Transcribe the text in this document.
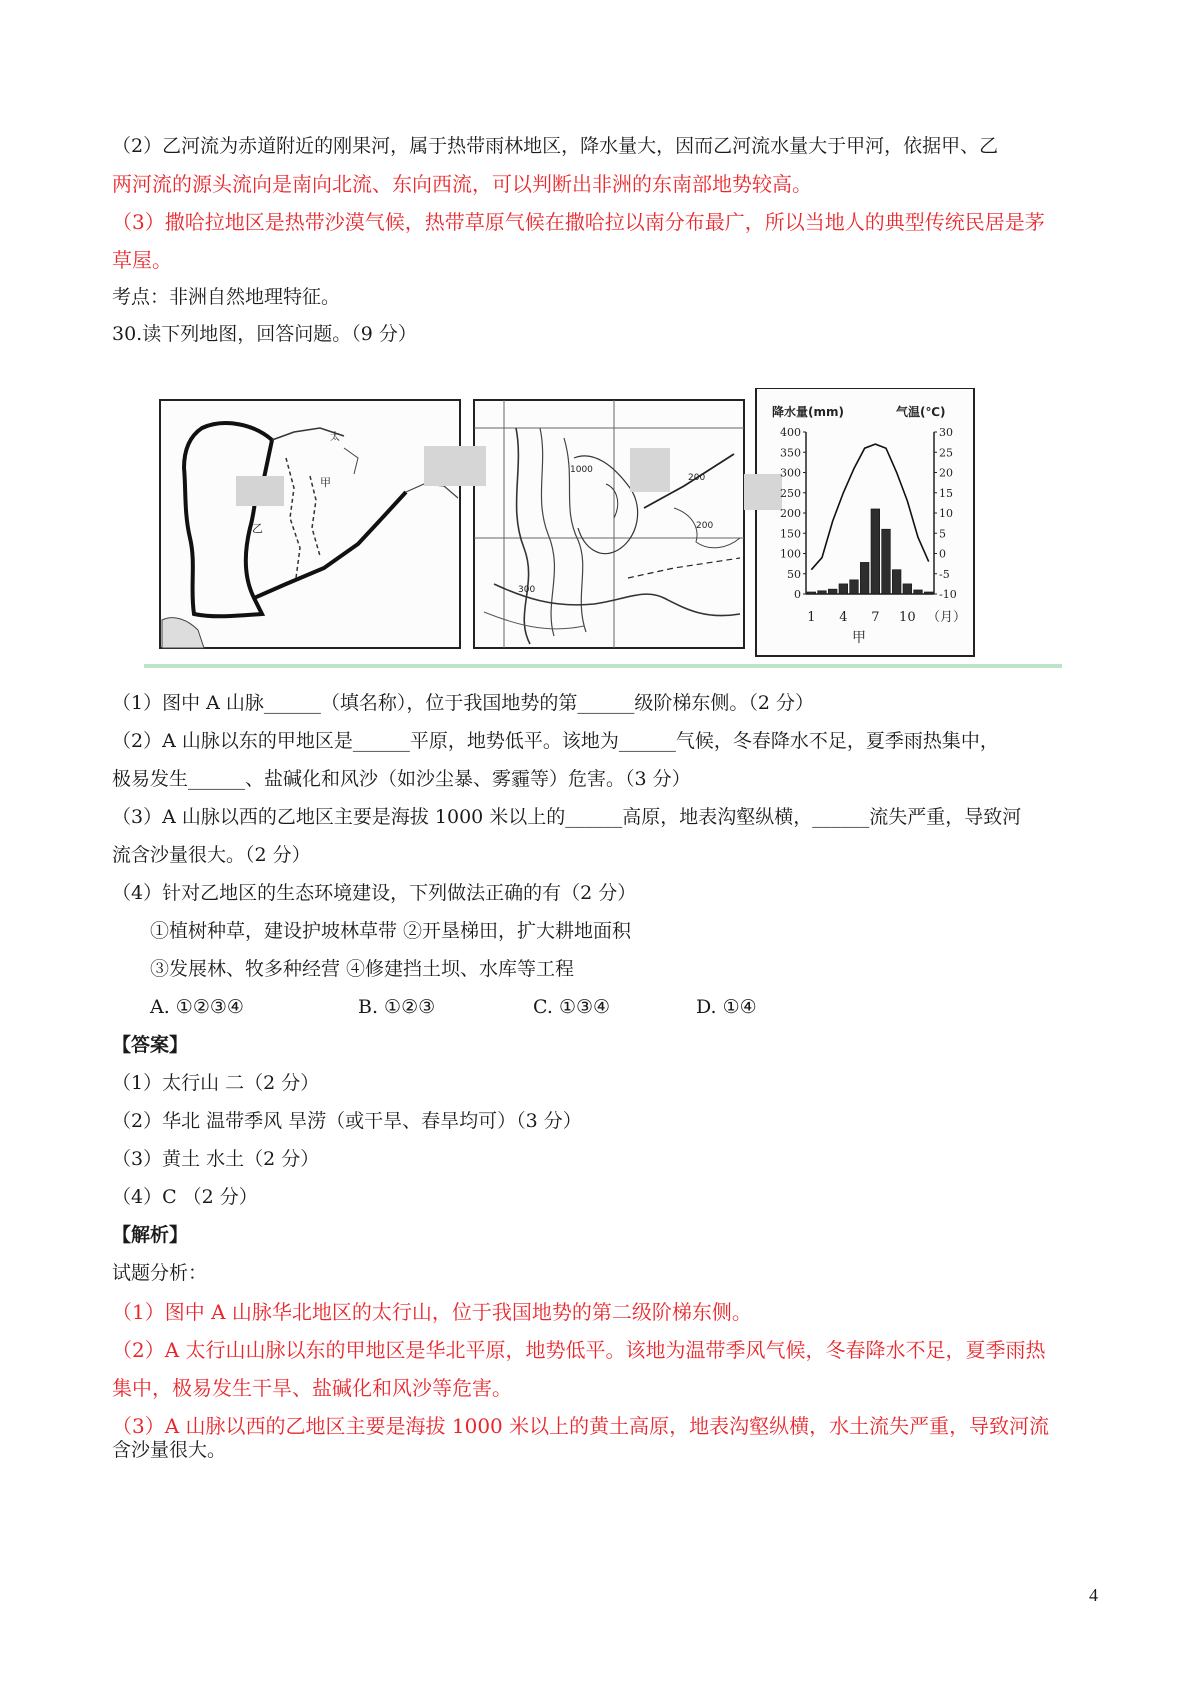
（2）乙河流为赤道附近的刚果河，属于热带雨林地区，降水量大，因而乙河流水量大于甲河，依据甲、乙
两河流的源头流向是南向北流、东向西流，可以判断出非洲的东南部地势较高。
（3）撒哈拉地区是热带沙漠气候，热带草原气候在撒哈拉以南分布最广，所以当地人的典型传统民居是茅
草屋。
考点：非洲自然地理特征。
30.读下列地图，回答问题。（9 分）
甲
乙
太
1000
200
300
200
降水量(mm)	气温(℃)
甲
（月）
400
350
300
250
200
150
100
50
0
30
25
20
15
10
5
0
-5
-10
1 4 7 10
（1）图中 A 山脉______（填名称），位于我国地势的第______级阶梯东侧。（2 分）
（2）A 山脉以东的甲地区是______平原，地势低平。该地为______气候，冬春降水不足，夏季雨热集中，
极易发生______、盐碱化和风沙（如沙尘暴、雾霾等）危害。（3 分）
（3）A 山脉以西的乙地区主要是海拔 1000 米以上的______高原，地表沟壑纵横，______流失严重，导致河
流含沙量很大。（2 分）
（4）针对乙地区的生态环境建设，下列做法正确的有（2 分）
①植树种草，建设护坡林草带 ②开垦梯田，扩大耕地面积
③发展林、牧多种经营 ④修建挡土坝、水库等工程
A. ①②③④	B. ①②③	C. ①③④	D. ①④
【答案】
（1）太行山 二（2 分）
（2）华北 温带季风 旱涝（或干旱、春旱均可）（3 分）
（3）黄土 水土（2 分）
（4）C （2 分）
【解析】
试题分析：
（1）图中 A 山脉华北地区的太行山，位于我国地势的第二级阶梯东侧。
（2）A 太行山山脉以东的甲地区是华北平原，地势低平。该地为温带季风气候，冬春降水不足，夏季雨热
集中，极易发生干旱、盐碱化和风沙等危害。
（3）A 山脉以西的乙地区主要是海拔 1000 米以上的黄土高原，地表沟壑纵横，水土流失严重，导致河流
含沙量很大。
4
